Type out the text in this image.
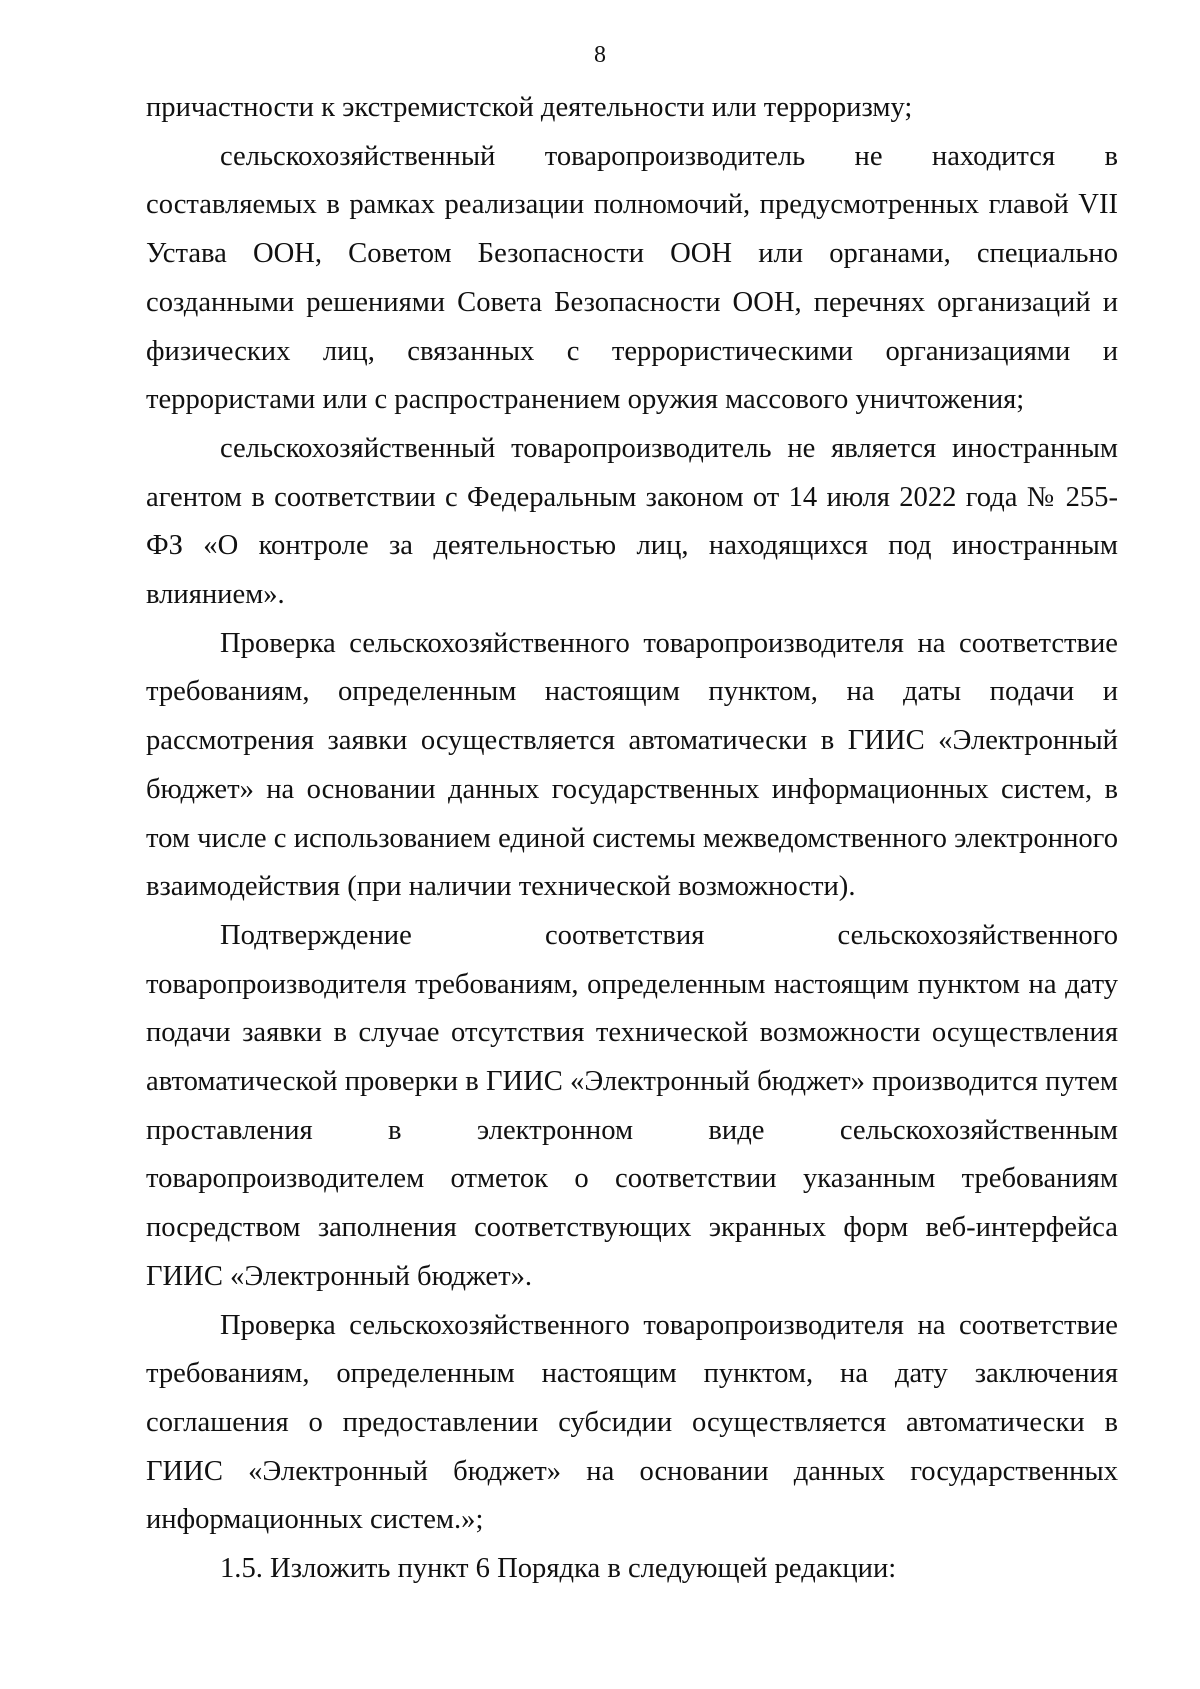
8

причастности к экстремистской деятельности или терроризму;

сельскохозяйственный товаропроизводитель не находится в составляемых в рамках реализации полномочий, предусмотренных главой VII Устава ООН, Советом Безопасности ООН или органами, специально созданными решениями Совета Безопасности ООН, перечнях организаций и физических лиц, связанных с террористическими организациями и террористами или с распространением оружия массового уничтожения;

сельскохозяйственный товаропроизводитель не является иностранным агентом в соответствии с Федеральным законом от 14 июля 2022 года № 255-ФЗ «О контроле за деятельностью лиц, находящихся под иностранным влиянием».

Проверка сельскохозяйственного товаропроизводителя на соответствие требованиям, определенным настоящим пунктом, на даты подачи и рассмотрения заявки осуществляется автоматически в ГИИС «Электронный бюджет» на основании данных государственных информационных систем, в том числе с использованием единой системы межведомственного электронного взаимодействия (при наличии технической возможности).

Подтверждение соответствия сельскохозяйственного товаропроизводителя требованиям, определенным настоящим пунктом на дату подачи заявки в случае отсутствия технической возможности осуществления автоматической проверки в ГИИС «Электронный бюджет» производится путем проставления в электронном виде сельскохозяйственным товаропроизводителем отметок о соответствии указанным требованиям посредством заполнения соответствующих экранных форм веб-интерфейса ГИИС «Электронный бюджет».

Проверка сельскохозяйственного товаропроизводителя на соответствие требованиям, определенным настоящим пунктом, на дату заключения соглашения о предоставлении субсидии осуществляется автоматически в ГИИС «Электронный бюджет» на основании данных государственных информационных систем.»;

1.5. Изложить пункт 6 Порядка в следующей редакции:
